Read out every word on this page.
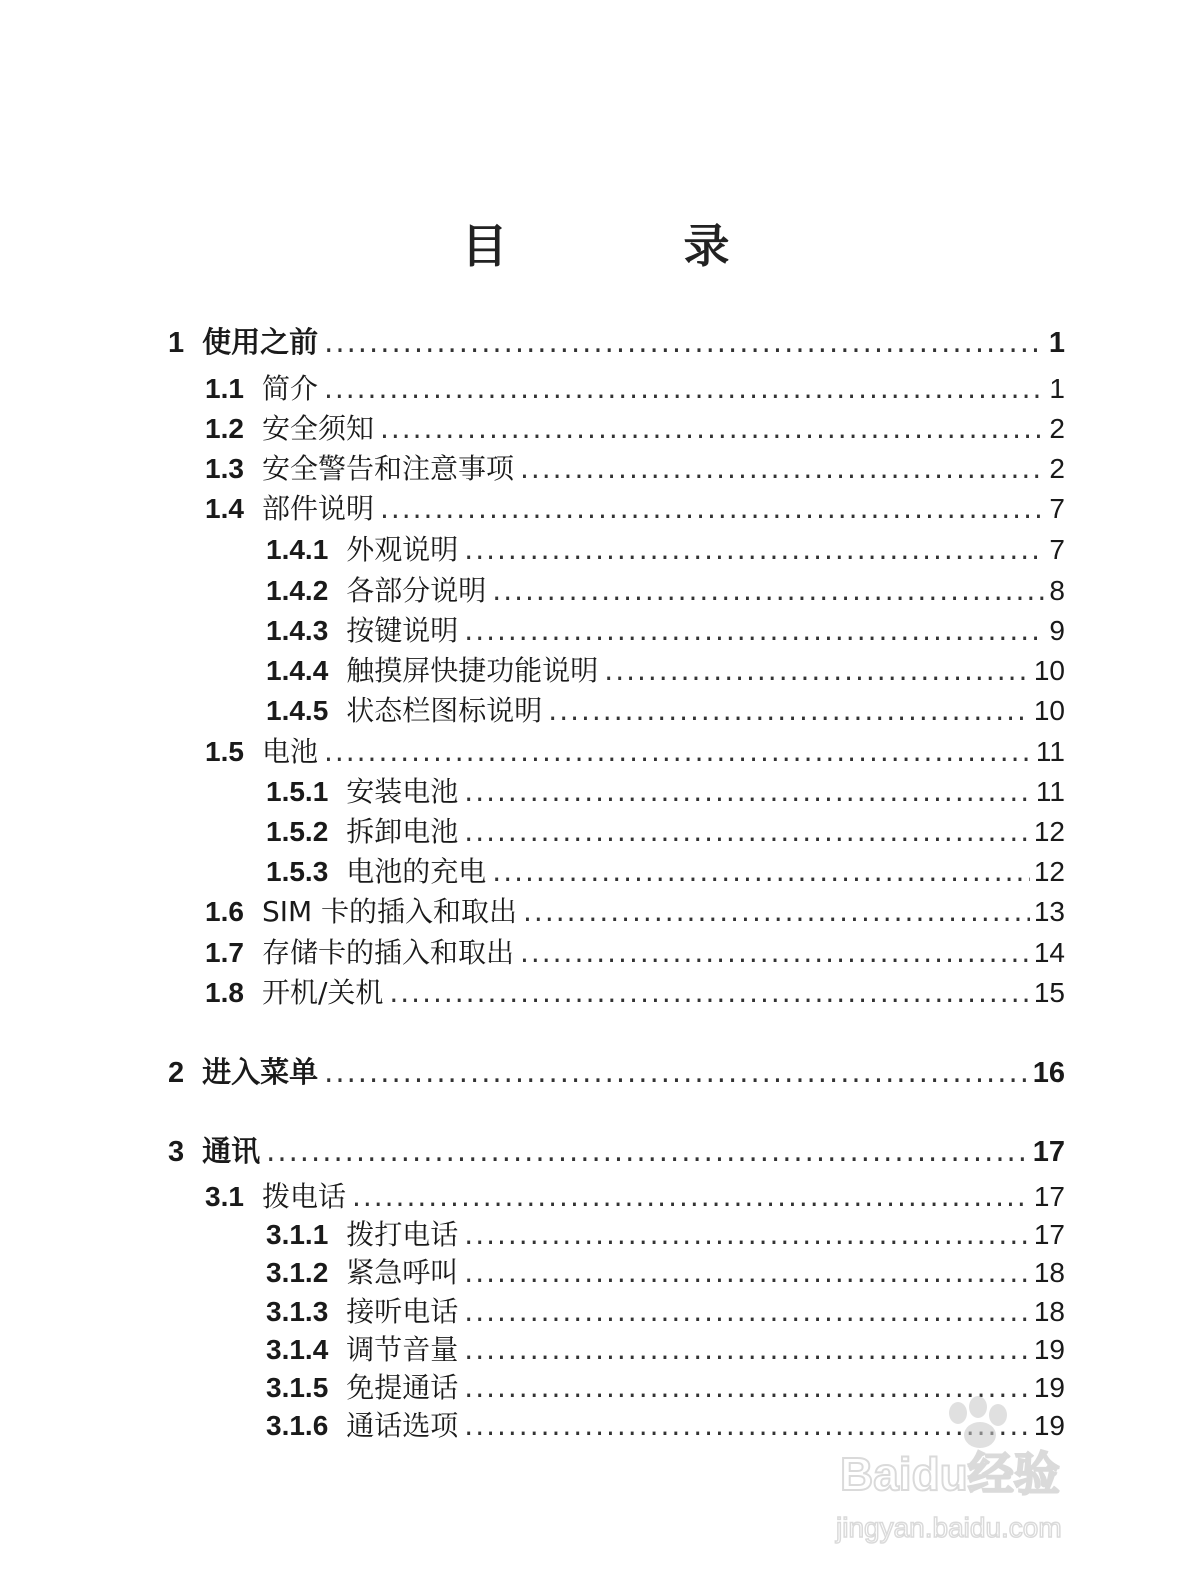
目 录
1 使用之前 .....	1
1.1 简介 .....	1
1.2 安全须知 .....	2
1.3 安全警告和注意事项 .....	2
1.4 部件说明 .....	7
1.4.1 外观说明 .....	7
1.4.2 各部分说明 .....	8
1.4.3 按键说明 .....	9
1.4.4 触摸屏快捷功能说明 .....	10
1.4.5 状态栏图标说明 .....	10
1.5 电池 .....	11
1.5.1 安装电池 .....	11
1.5.2 拆卸电池 .....	12
1.5.3 电池的充电 .....	12
1.6 SIM 卡的插入和取出 .....	13
1.7 存储卡的插入和取出 .....	14
1.8 开机/关机 .....	15
2 进入菜单 .....	16
3 通讯 .....	17
3.1 拨电话 .....	17
3.1.1 拨打电话 .....	17
3.1.2 紧急呼叫 .....	18
3.1.3 接听电话 .....	18
3.1.4 调节音量 .....	19
3.1.5 免提通话 .....	19
3.1.6 通话选项 .....	19
Baidu经验
jingyan.baidu.com
